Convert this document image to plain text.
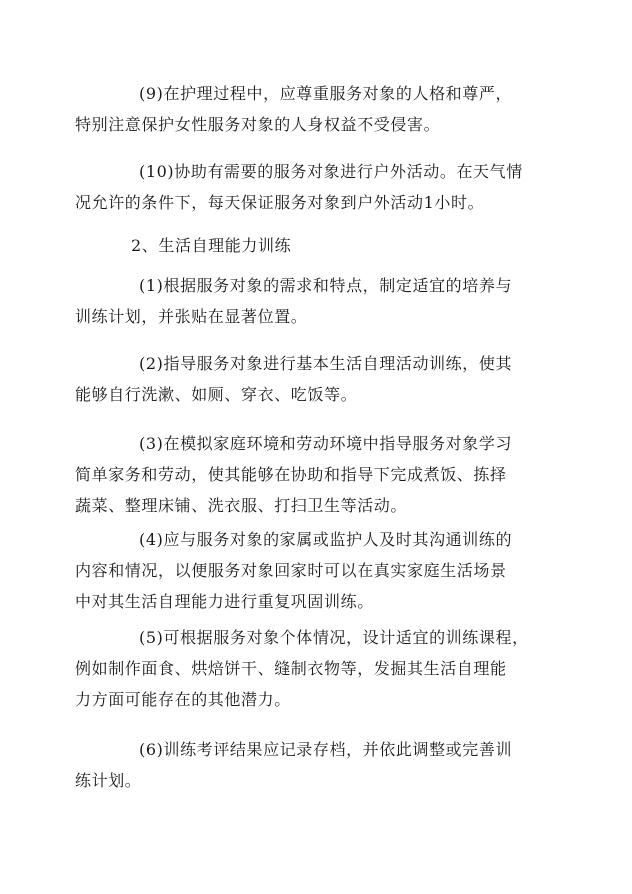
(9)在护理过程中，应尊重服务对象的人格和尊严，
特别注意保护女性服务对象的人身权益不受侵害。
(10)协助有需要的服务对象进行户外活动。在天气情
况允许的条件下，每天保证服务对象到户外活动1小时。
2、生活自理能力训练
(1)根据服务对象的需求和特点，制定适宜的培养与
训练计划，并张贴在显著位置。
(2)指导服务对象进行基本生活自理活动训练，使其
能够自行洗漱、如厕、穿衣、吃饭等。
(3)在模拟家庭环境和劳动环境中指导服务对象学习
简单家务和劳动，使其能够在协助和指导下完成煮饭、拣择
蔬菜、整理床铺、洗衣服、打扫卫生等活动。
(4)应与服务对象的家属或监护人及时其沟通训练的
内容和情况，以便服务对象回家时可以在真实家庭生活场景
中对其生活自理能力进行重复巩固训练。
(5)可根据服务对象个体情况，设计适宜的训练课程，
例如制作面食、烘焙饼干、缝制衣物等，发掘其生活自理能
力方面可能存在的其他潜力。
(6)训练考评结果应记录存档，并依此调整或完善训
练计划。
